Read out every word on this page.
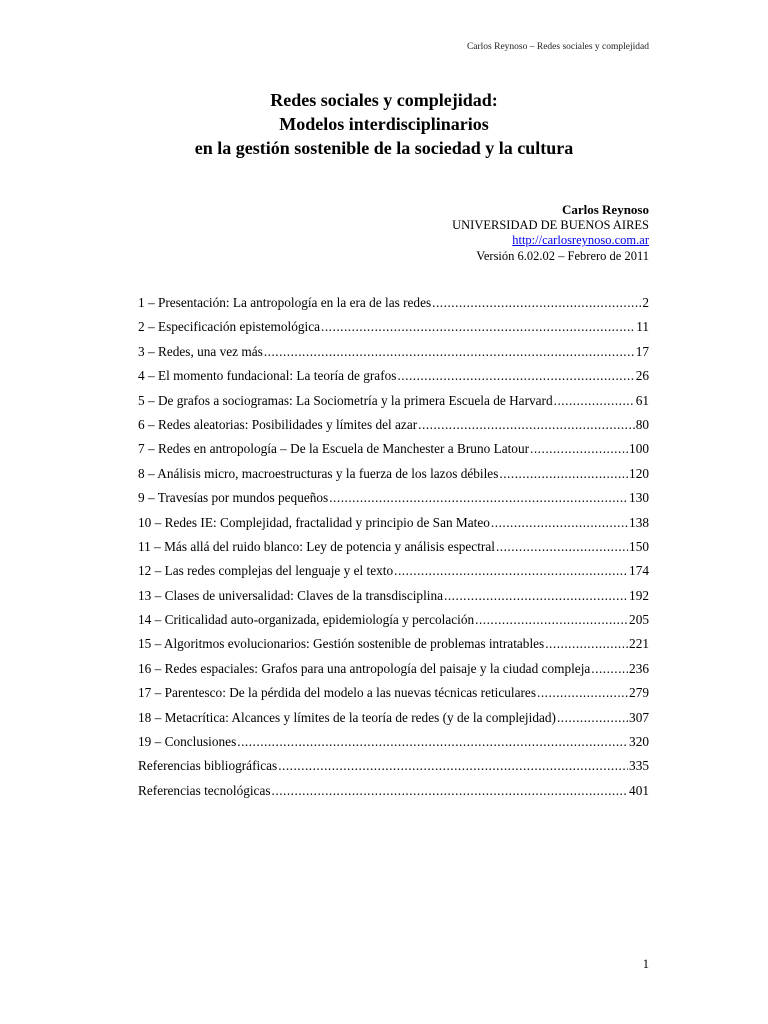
Carlos Reynoso – Redes sociales y complejidad
Redes sociales y complejidad:
Modelos interdisciplinarios
en la gestión sostenible de la sociedad y la cultura
Carlos Reynoso
UNIVERSIDAD DE BUENOS AIRES
http://carlosreynoso.com.ar
Versión 6.02.02 – Febrero de 2011
1 – Presentación: La antropología en la era de las redes .....	2
2 – Especificación epistemológica .....	11
3 – Redes, una vez más .....	17
4 – El momento fundacional: La teoría de grafos .....	26
5 – De grafos a sociogramas: La Sociometría y la primera Escuela de Harvard .....	61
6 – Redes aleatorias: Posibilidades y límites del azar .....	80
7 – Redes en antropología – De la Escuela de Manchester a Bruno Latour .....	100
8 – Análisis micro, macroestructuras y la fuerza de los lazos débiles .....	120
9 – Travesías por mundos pequeños .....	130
10 – Redes IE: Complejidad, fractalidad y principio de San Mateo .....	138
11 – Más allá del ruido blanco: Ley de potencia y análisis espectral .....	150
12 – Las redes complejas del lenguaje y el texto .....	174
13 – Clases de universalidad: Claves de la transdisciplina .....	192
14 – Criticalidad auto-organizada, epidemiología y percolación .....	205
15 – Algoritmos evolucionarios: Gestión sostenible de problemas intratables .....	221
16 – Redes espaciales: Grafos para una antropología del paisaje y la ciudad compleja .....	236
17 – Parentesco: De la pérdida del modelo a las nuevas técnicas reticulares .....	279
18 – Metacrítica: Alcances y límites de la teoría de redes (y de la complejidad) .....	307
19 – Conclusiones .....	320
Referencias bibliográficas .....	335
Referencias tecnológicas .....	401
1
